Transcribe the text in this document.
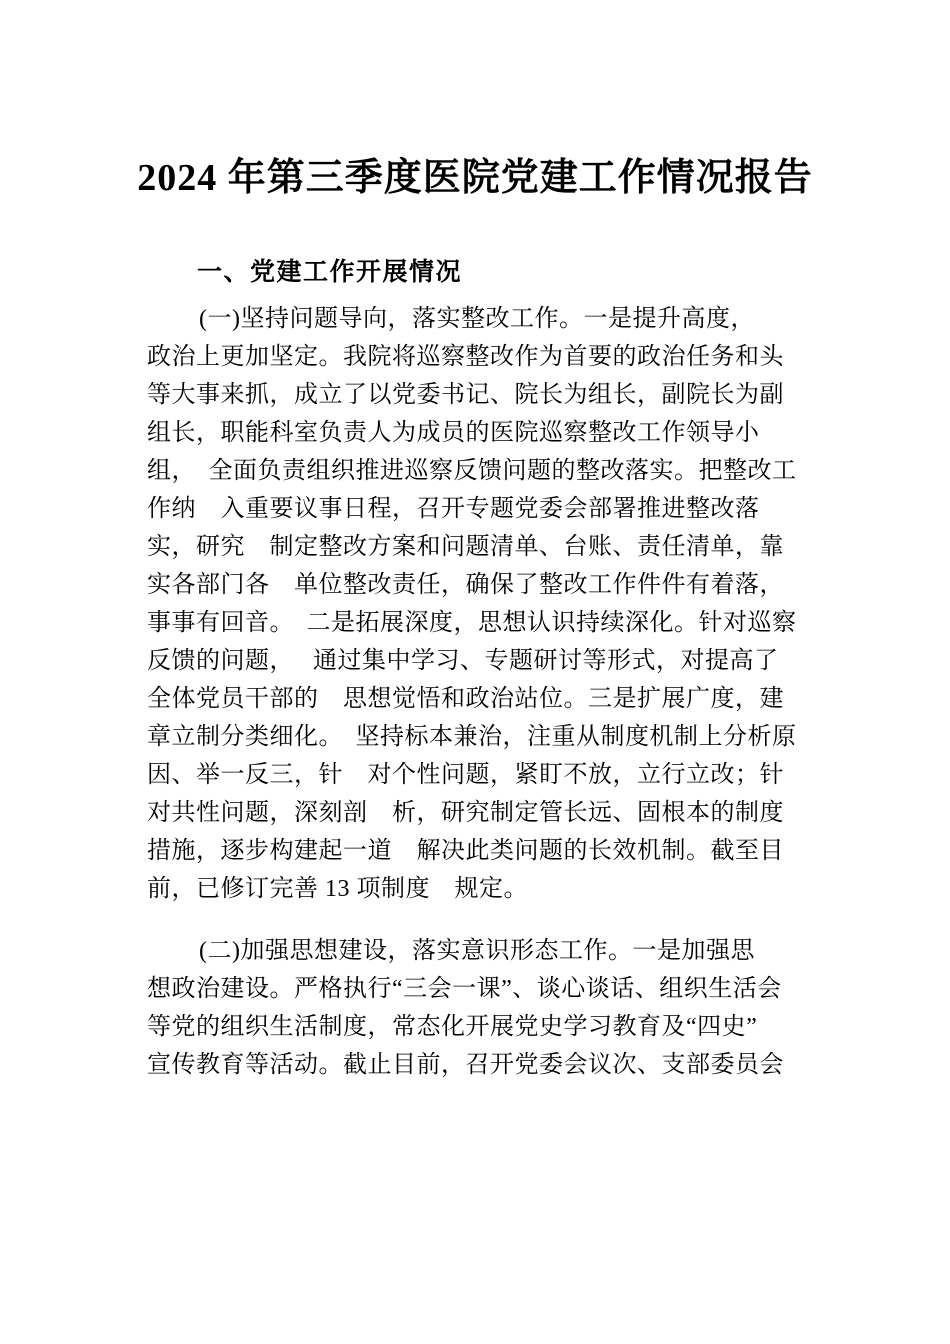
2024 年第三季度医院党建工作情况报告
一、党建工作开展情况
(一)坚持问题导向，落实整改工作。一是提升高度，
政治上更加坚定。我院将巡察整改作为首要的政治任务和头
等大事来抓，成立了以党委书记、院长为组长，副院长为副
组长，职能科室负责人为成员的医院巡察整改工作领导小
组，　全面负责组织推进巡察反馈问题的整改落实。把整改工
作纳　入重要议事日程，召开专题党委会部署推进整改落
实，研究　制定整改方案和问题清单、台账、责任清单，靠
实各部门各　单位整改责任，确保了整改工作件件有着落，
事事有回音。　二是拓展深度，思想认识持续深化。针对巡察
反馈的问题，　 通过集中学习、专题研讨等形式，对提高了
全体党员干部的　思想觉悟和政治站位。三是扩展广度，建
章立制分类细化。　坚持标本兼治，注重从制度机制上分析原
因、举一反三，针　对个性问题，紧盯不放，立行立改；针
对共性问题，深刻剖　析，研究制定管长远、固根本的制度
措施，逐步构建起一道　解决此类问题的长效机制。截至目
前，已修订完善 13 项制度　规定。
(二)加强思想建设，落实意识形态工作。一是加强思
想政治建设。严格执行“三会一课”、谈心谈话、组织生活会
等党的组织生活制度，常态化开展党史学习教育及“四史”
宣传教育等活动。截止目前，召开党委会议次、支部委员会
